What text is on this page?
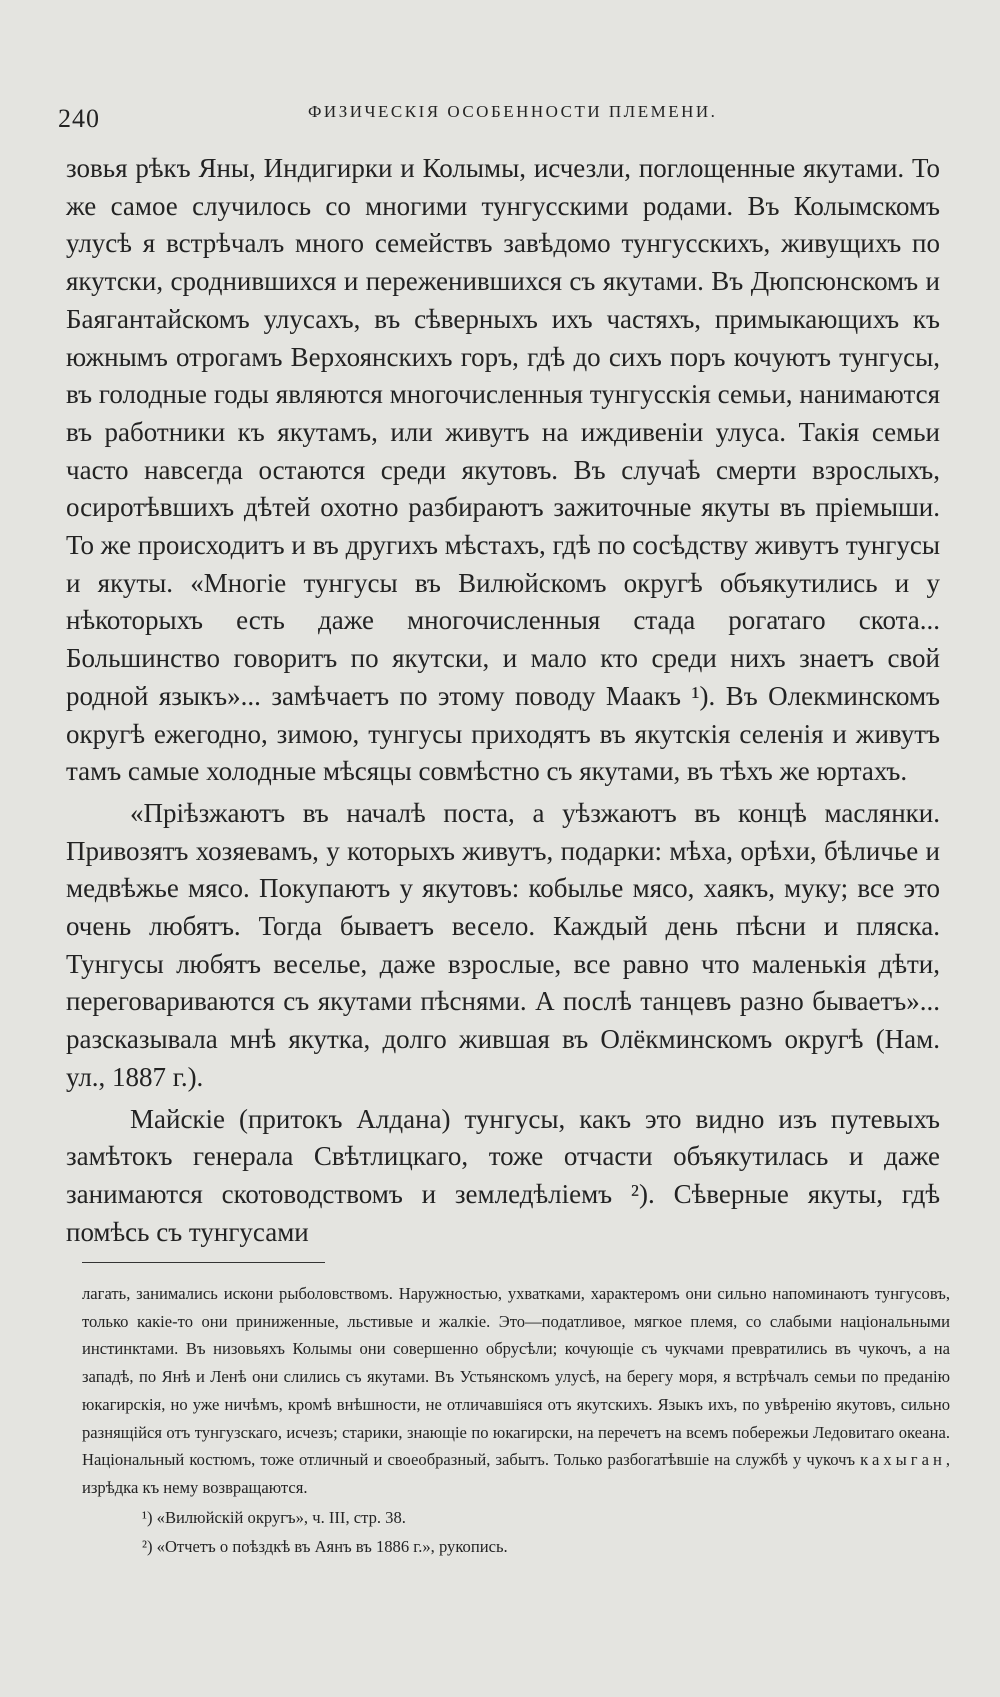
240	ФИЗИЧЕСКІЯ ОСОБЕННОСТИ ПЛЕМЕНИ.

зовья рѣкъ Яны, Индигирки и Колымы, исчезли, поглощенные якутами. То же самое случилось со многими тунгусскими родами. Въ Колымскомъ улусѣ я встрѣчалъ много семействъ завѣдомо тунгусскихъ, живущихъ по якутски, сроднившихся и переженившихся съ якутами. Въ Дюпсюнскомъ и Баягантайскомъ улусахъ, въ сѣверныхъ ихъ частяхъ, примыкающихъ къ южнымъ отрогамъ Верхоянскихъ горъ, гдѣ до сихъ поръ кочуютъ тунгусы, въ голодные годы являются многочисленныя тунгусскія семьи, нанимаются въ работники къ якутамъ, или живутъ на иждивеніи улуса. Такія семьи часто навсегда остаются среди якутовъ. Въ случаѣ смерти взрослыхъ, осиротѣвшихъ дѣтей охотно разбираютъ зажиточные якуты въ пріемыши. То же происходитъ и въ другихъ мѣстахъ, гдѣ по сосѣдству живутъ тунгусы и якуты. «Многіе тунгусы въ Вилюйскомъ округѣ объякутились и у нѣкоторыхъ есть даже многочисленныя стада рогатаго скота... Большинство говоритъ по якутски, и мало кто среди нихъ знаетъ свой родной языкъ»... замѣчаетъ по этому поводу Маакъ ¹). Въ Олекминскомъ округѣ ежегодно, зимою, тунгусы приходятъ въ якутскія селенія и живутъ тамъ самые холодные мѣсяцы совмѣстно съ якутами, въ тѣхъ же юртахъ.

«Пріѣзжаютъ въ началѣ поста, а уѣзжаютъ въ концѣ маслянки. Привозятъ хозяевамъ, у которыхъ живутъ, подарки: мѣха, орѣхи, бѣличье и медвѣжье мясо. Покупаютъ у якутовъ: кобылье мясо, хаякъ, муку; все это очень любятъ. Тогда бываетъ весело. Каждый день пѣсни и пляска. Тунгусы любятъ веселье, даже взрослые, все равно что маленькія дѣти, переговариваются съ якутами пѣснями. А послѣ танцевъ разно бываетъ»... разсказывала мнѣ якутка, долго жившая въ Олёкминскомъ округѣ (Нам. ул., 1887 г.).

Майскіе (притокъ Алдана) тунгусы, какъ это видно изъ путевыхъ замѣтокъ генерала Свѣтлицкаго, тоже отчасти объякутилась и даже занимаются скотоводствомъ и земледѣліемъ ²). Сѣверные якуты, гдѣ помѣсь съ тунгусами

лагать, занимались искони рыболовствомъ. Наружностью, ухватками, характеромъ они сильно напоминаютъ тунгусовъ, только какіе-то они приниженные, льстивые и жалкіе. Это—податливое, мягкое племя, со слабыми національными инстинктами. Въ низовьяхъ Колымы они совершенно обрусѣли; кочующіе съ чукчами превратились въ чукочъ, а на западѣ, по Янѣ и Ленѣ они слились съ якутами. Въ Устьянскомъ улусѣ, на берегу моря, я встрѣчалъ семьи по преданію юкагирскія, но уже ничѣмъ, кромѣ внѣшности, не отличавшіяся отъ якутскихъ. Языкъ ихъ, по увѣренію якутовъ, сильно разнящійся отъ тунгузскаго, исчезъ; старики, знающіе по юкагирски, на перечетъ на всемъ побережьи Ледовитаго океана. Національный костюмъ, тоже отличный и своеобразный, забытъ. Только разбогатѣвшіе на службѣ у чукочъ кахыган, изрѣдка къ нему возвращаются.

¹) «Вилюйскій округъ», ч. III, стр. 38.

²) «Отчетъ о поѣздкѣ въ Аянъ въ 1886 г.», рукопись.
